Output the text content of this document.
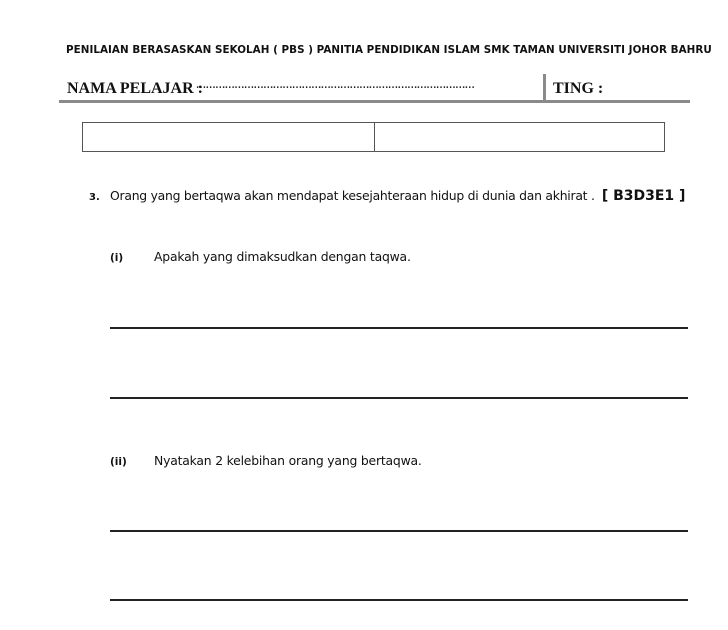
PENILAIAN BERASASKAN SEKOLAH ( PBS ) PANITIA PENDIDIKAN ISLAM SMK TAMAN UNIVERSITI JOHOR BAHRU
NAMA PELAJAR :
……………………………………………………………………………	TING :
3. Orang yang bertaqwa akan mendapat kesejahteraan hidup di dunia dan akhirat . [ B3D3E1 ]
(i) Apakah yang dimaksudkan dengan taqwa.
(ii) Nyatakan 2 kelebihan orang yang bertaqwa.
